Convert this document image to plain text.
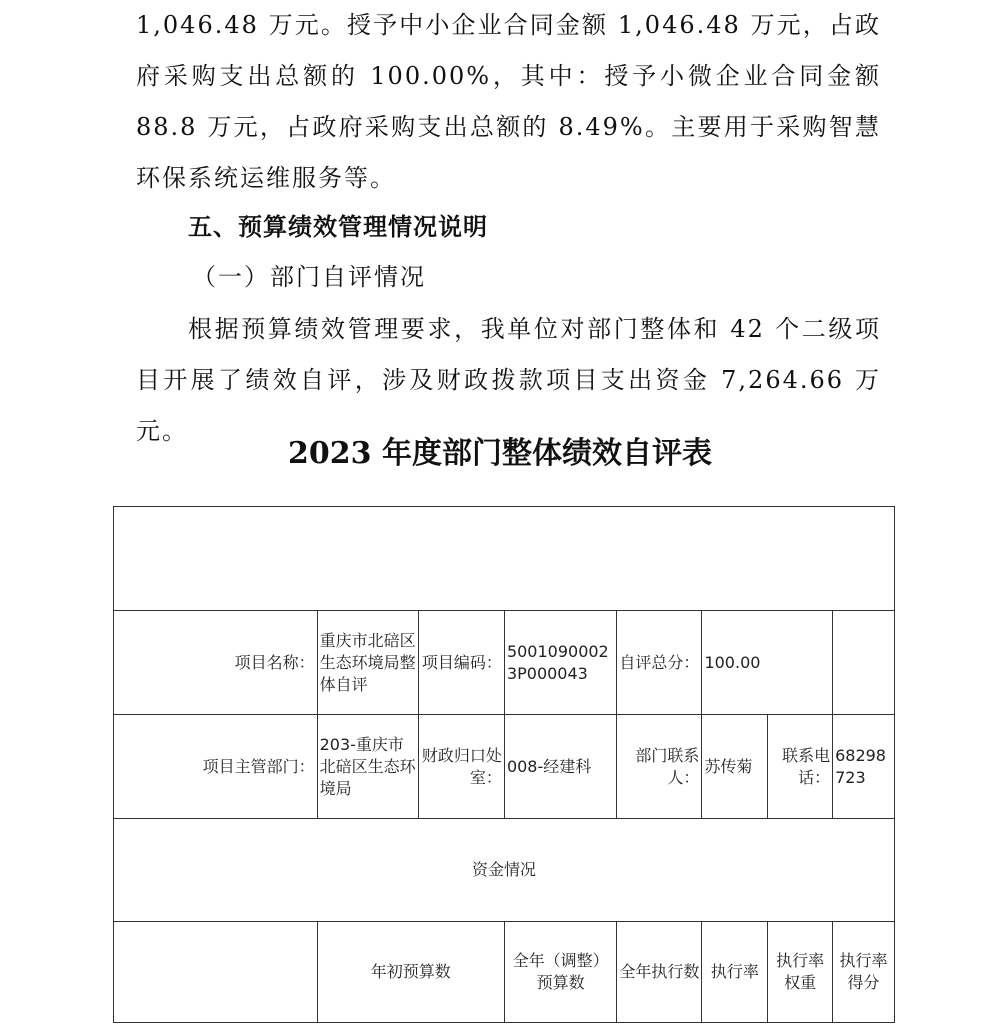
1,046.48 万元。授予中小企业合同金额 1,046.48 万元，占政府采购支出总额的 100.00%，其中：授予小微企业合同金额 88.8 万元，占政府采购支出总额的 8.49%。主要用于采购智慧环保系统运维服务等。

五、预算绩效管理情况说明

（一）部门自评情况

根据预算绩效管理要求，我单位对部门整体和 42 个二级项目开展了绩效自评，涉及财政拨款项目支出资金 7,264.66 万元。

2023 年度部门整体绩效自评表

项目名称：	重庆市北碚区生态环境局整体自评	项目编码：	50010900023P000043	自评总分：	100.00		
项目主管部门：	203-重庆市北碚区生态环境局	财政归口处室：	008-经建科	部门联系人：	苏传菊	联系电话：	68298723
资金情况							
	年初预算数		全年（调整）预算数	全年执行数	执行率	执行率权重	执行率得分
